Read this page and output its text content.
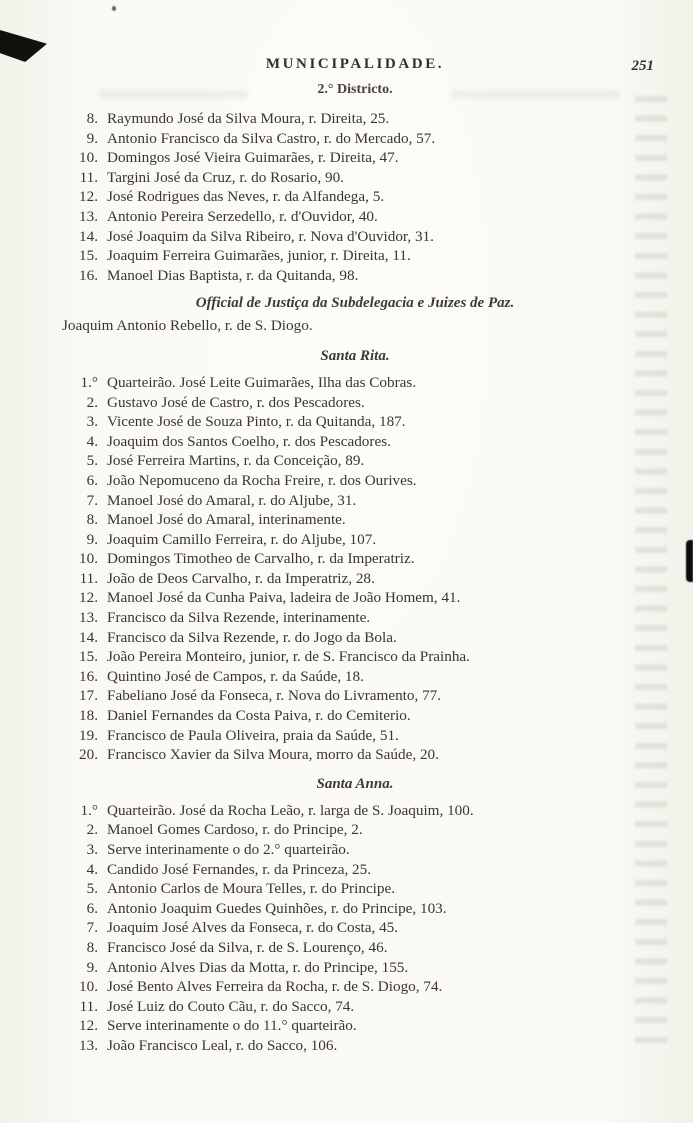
MUNICIPALIDADE.	251
2.° Districto.
8. Raymundo José da Silva Moura, r. Direita, 25.
9. Antonio Francisco da Silva Castro, r. do Mercado, 57.
10. Domingos José Vieira Guimarães, r. Direita, 47.
11. Targini José da Cruz, r. do Rosario, 90.
12. José Rodrigues das Neves, r. da Alfandega, 5.
13. Antonio Pereira Serzedello, r. d'Ouvidor, 40.
14. José Joaquim da Silva Ribeiro, r. Nova d'Ouvidor, 31.
15. Joaquim Ferreira Guimarães, junior, r. Direita, 11.
16. Manoel Dias Baptista, r. da Quitanda, 98.
Official de Justiça da Subdelegacia e Juizes de Paz.
Joaquim Antonio Rebello, r. de S. Diogo.
Santa Rita.
1.° Quarteirão. José Leite Guimarães, Ilha das Cobras.
2. Gustavo José de Castro, r. dos Pescadores.
3. Vicente José de Souza Pinto, r. da Quitanda, 187.
4. Joaquim dos Santos Coelho, r. dos Pescadores.
5. José Ferreira Martins, r. da Conceição, 89.
6. João Nepomuceno da Rocha Freire, r. dos Ourives.
7. Manoel José do Amaral, r. do Aljube, 31.
8. Manoel José do Amaral, interinamente.
9. Joaquim Camillo Ferreira, r. do Aljube, 107.
10. Domingos Timotheo de Carvalho, r. da Imperatriz.
11. João de Deos Carvalho, r. da Imperatriz, 28.
12. Manoel José da Cunha Paiva, ladeira de João Homem, 41.
13. Francisco da Silva Rezende, interinamente.
14. Francisco da Silva Rezende, r. do Jogo da Bola.
15. João Pereira Monteiro, junior, r. de S. Francisco da Prainha.
16. Quintino José de Campos, r. da Saúde, 18.
17. Fabeliano José da Fonseca, r. Nova do Livramento, 77.
18. Daniel Fernandes da Costa Paiva, r. do Cemiterio.
19. Francisco de Paula Oliveira, praia da Saúde, 51.
20. Francisco Xavier da Silva Moura, morro da Saúde, 20.
Santa Anna.
1.° Quarteirão. José da Rocha Leão, r. larga de S. Joaquim, 100.
2. Manoel Gomes Cardoso, r. do Principe, 2.
3. Serve interinamente o do 2.° quarteirão.
4. Candido José Fernandes, r. da Princeza, 25.
5. Antonio Carlos de Moura Telles, r. do Principe.
6. Antonio Joaquim Guedes Quinhões, r. do Principe, 103.
7. Joaquim José Alves da Fonseca, r. do Costa, 45.
8. Francisco José da Silva, r. de S. Lourenço, 46.
9. Antonio Alves Dias da Motta, r. do Principe, 155.
10. José Bento Alves Ferreira da Rocha, r. de S. Diogo, 74.
11. José Luiz do Couto Cãu, r. do Sacco, 74.
12. Serve interinamente o do 11.° quarteirão.
13. João Francisco Leal, r. do Sacco, 106.
